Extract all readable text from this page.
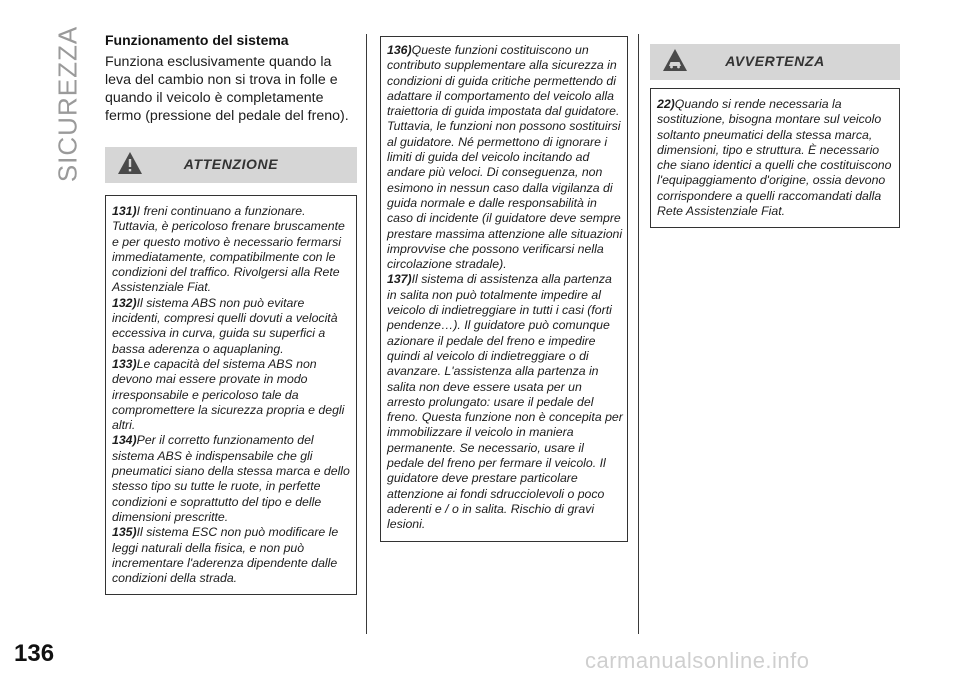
SICUREZZA Funzionamento del sistema

Funziona esclusivamente quando la leva del cambio non si trova in folle e quando il veicolo è completamente fermo (pressione del pedale del freno).

ATTENZIONE

131)I freni continuano a funzionare. Tuttavia, è pericoloso frenare bruscamente e per questo motivo è necessario fermarsi immediatamente, compatibilmente con le condizioni del traffico. Rivolgersi alla Rete Assistenziale Fiat.

132)Il sistema ABS non può evitare incidenti, compresi quelli dovuti a velocità eccessiva in curva, guida su superfici a bassa aderenza o aquaplaning.

133)Le capacità del sistema ABS non devono mai essere provate in modo irresponsabile e pericoloso tale da compromettere la sicurezza propria e degli altri.

134)Per il corretto funzionamento del sistema ABS è indispensabile che gli pneumatici siano della stessa marca e dello stesso tipo su tutte le ruote, in perfette condizioni e soprattutto del tipo e delle dimensioni prescritte.

135)Il sistema ESC non può modificare le leggi naturali della fisica, e non può incrementare l'aderenza dipendente dalle condizioni della strada.

136)Queste funzioni costituiscono un contributo supplementare alla sicurezza in condizioni di guida critiche permettendo di adattare il comportamento del veicolo alla traiettoria di guida impostata dal guidatore. Tuttavia, le funzioni non possono sostituirsi al guidatore. Né permettono di ignorare i limiti di guida del veicolo incitando ad andare più veloci. Di conseguenza, non esimono in nessun caso dalla vigilanza di guida normale e dalle responsabilità in caso di incidente (il guidatore deve sempre prestare massima attenzione alle situazioni improvvise che possono verificarsi nella circolazione stradale).

137)Il sistema di assistenza alla partenza in salita non può totalmente impedire al veicolo di indietreggiare in tutti i casi (forti pendenze…). Il guidatore può comunque azionare il pedale del freno e impedire quindi al veicolo di indietreggiare o di avanzare. L'assistenza alla partenza in salita non deve essere usata per un arresto prolungato: usare il pedale del freno. Questa funzione non è concepita per immobilizzare il veicolo in maniera permanente. Se necessario, usare il pedale del freno per fermare il veicolo. Il guidatore deve prestare particolare attenzione ai fondi sdrucciolevoli o poco aderenti e / o in salita. Rischio di gravi lesioni.

AVVERTENZA

22)Quando si rende necessaria la sostituzione, bisogna montare sul veicolo soltanto pneumatici della stessa marca, dimensioni, tipo e struttura. È necessario che siano identici a quelli che costituiscono l'equipaggiamento d'origine, ossia devono corrispondere a quelli raccomandati dalla Rete Assistenziale Fiat.

136	carmanualsonline.info
